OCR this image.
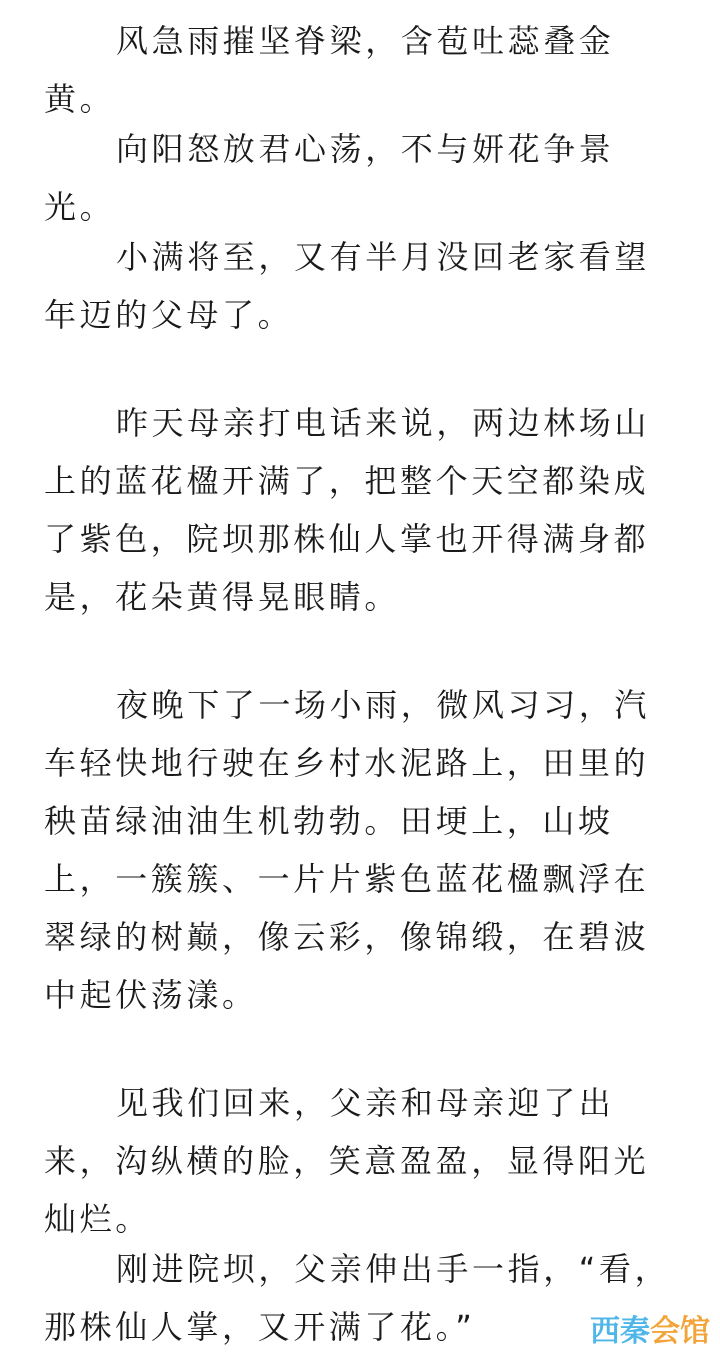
风急雨摧坚脊梁，含苞吐蕊叠金黄。

向阳怒放君心荡，不与妍花争景光。

小满将至，又有半月没回老家看望年迈的父母了。

昨天母亲打电话来说，两边林场山上的蓝花楹开满了，把整个天空都染成了紫色，院坝那株仙人掌也开得满身都是，花朵黄得晃眼睛。

夜晚下了一场小雨，微风习习，汽车轻快地行驶在乡村水泥路上，田里的秧苗绿油油生机勃勃。田埂上，山坡上，一簇簇、一片片紫色蓝花楹飘浮在翠绿的树巅，像云彩，像锦缎，在碧波中起伏荡漾。

见我们回来，父亲和母亲迎了出来，沟纵横的脸，笑意盈盈，显得阳光灿烂。

刚进院坝，父亲伸出手一指，“看，那株仙人掌，又开满了花。”	西秦会馆
